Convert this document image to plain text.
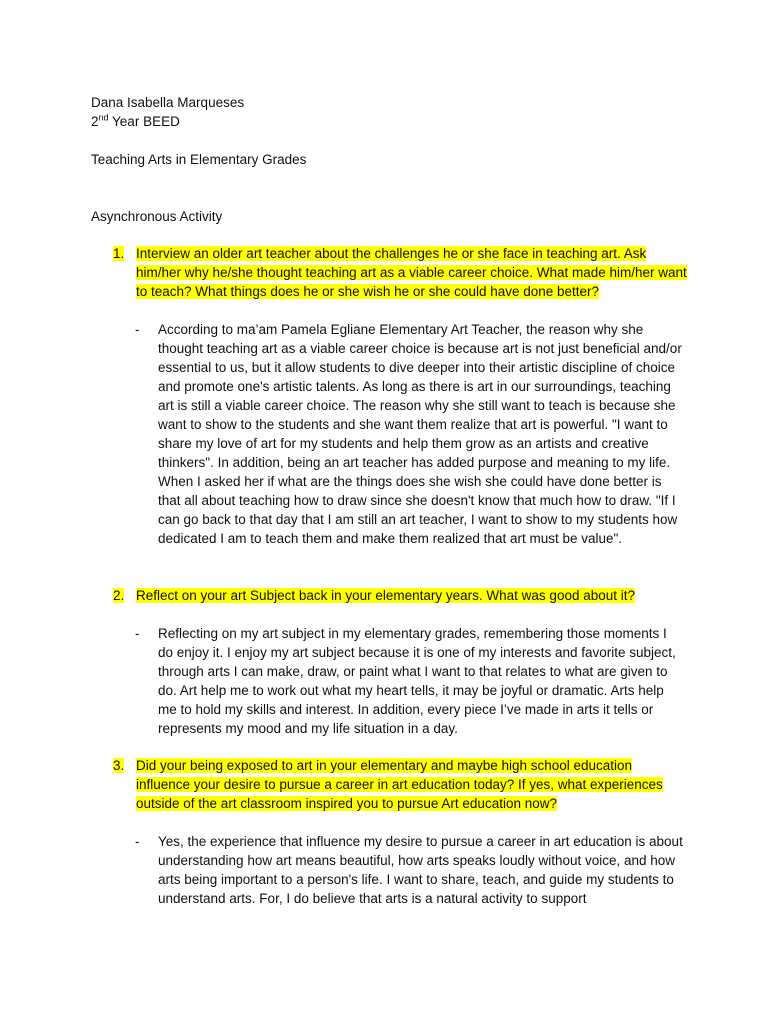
Dana Isabella Marqueses
2nd Year BEED
Teaching Arts in Elementary Grades
Asynchronous Activity
1. Interview an older art teacher about the challenges he or she face in teaching art. Ask him/her why he/she thought teaching art as a viable career choice. What made him/her want to teach? What things does he or she wish he or she could have done better?
- According to ma’am Pamela Egliane Elementary Art Teacher, the reason why she thought teaching art as a viable career choice is because art is not just beneficial and/or essential to us, but it allow students to dive deeper into their artistic discipline of choice and promote one's artistic talents. As long as there is art in our surroundings, teaching art is still a viable career choice. The reason why she still want to teach is because she want to show to the students and she want them realize that art is powerful. "I want to share my love of art for my students and help them grow as an artists and creative thinkers". In addition, being an art teacher has added purpose and meaning to my life. When I asked her if what are the things does she wish she could have done better is that all about teaching how to draw since she doesn't know that much how to draw. "If I can go back to that day that I am still an art teacher, I want to show to my students how dedicated I am to teach them and make them realized that art must be value".
2. Reflect on your art Subject back in your elementary years. What was good about it?
- Reflecting on my art subject in my elementary grades, remembering those moments I do enjoy it. I enjoy my art subject because it is one of my interests and favorite subject, through arts I can make, draw, or paint what I want to that relates to what are given to do. Art help me to work out what my heart tells, it may be joyful or dramatic. Arts help me to hold my skills and interest. In addition, every piece I’ve made in arts it tells or represents my mood and my life situation in a day.
3. Did your being exposed to art in your elementary and maybe high school education influence your desire to pursue a career in art education today? If yes, what experiences outside of the art classroom inspired you to pursue Art education now?
- Yes, the experience that influence my desire to pursue a career in art education is about understanding how art means beautiful, how arts speaks loudly without voice, and how arts being important to a person's life. I want to share, teach, and guide my students to understand arts. For, I do believe that arts is a natural activity to support
